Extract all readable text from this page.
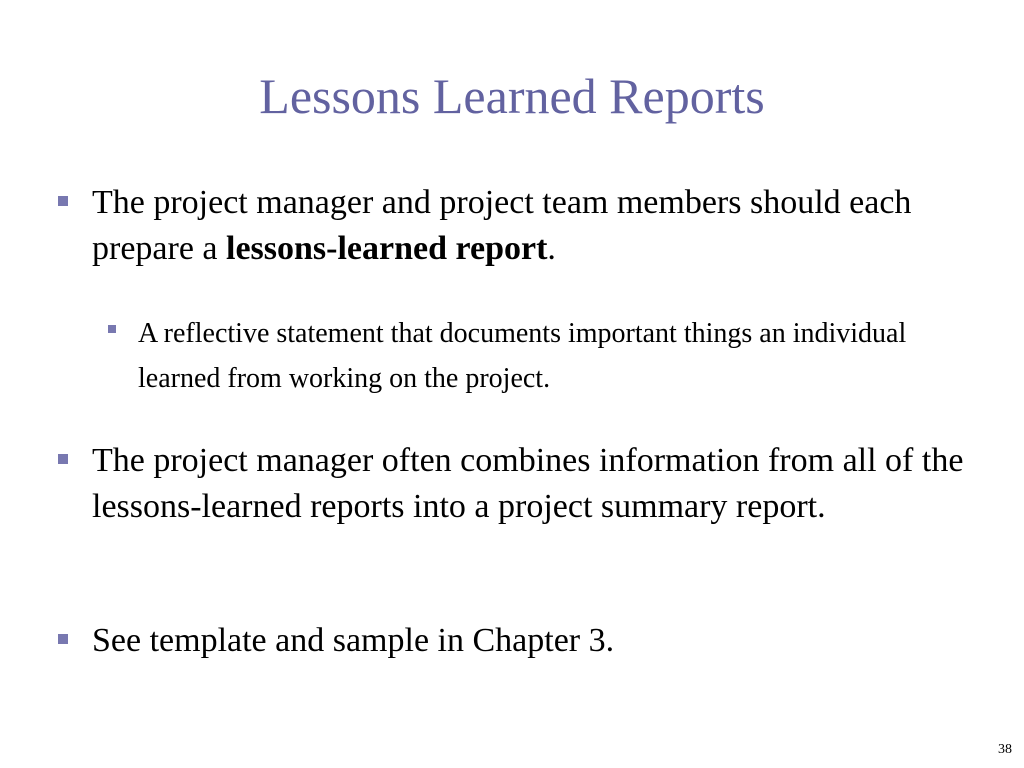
Lessons Learned Reports
The project manager and project team members should each prepare a lessons-learned report.
A reflective statement that documents important things an individual learned from working on the project.
The project manager often combines information from all of the lessons-learned reports into a project summary report.
See template and sample in Chapter 3.
38
